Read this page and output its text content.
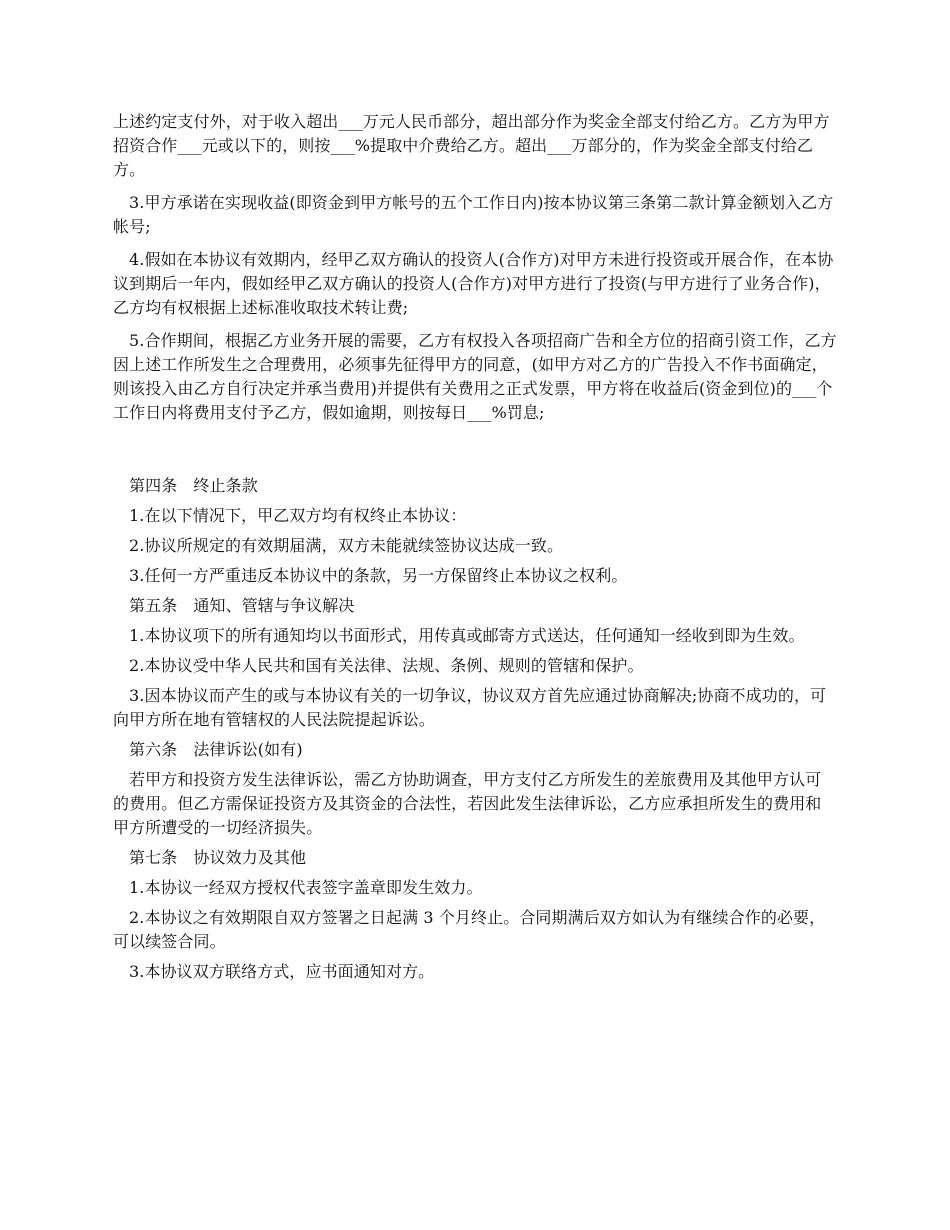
上述约定支付外，对于收入超出___万元人民币部分，超出部分作为奖金全部支付给乙方。乙方为甲方招资合作___元或以下的，则按___%提取中介费给乙方。超出___万部分的，作为奖金全部支付给乙方。

3.甲方承诺在实现收益(即资金到甲方帐号的五个工作日内)按本协议第三条第二款计算金额划入乙方帐号;

4.假如在本协议有效期内，经甲乙双方确认的投资人(合作方)对甲方未进行投资或开展合作，在本协议到期后一年内，假如经甲乙双方确认的投资人(合作方)对甲方进行了投资(与甲方进行了业务合作)，乙方均有权根据上述标准收取技术转让费;

5.合作期间，根据乙方业务开展的需要，乙方有权投入各项招商广告和全方位的招商引资工作，乙方因上述工作所发生之合理费用，必须事先征得甲方的同意，(如甲方对乙方的广告投入不作书面确定，则该投入由乙方自行决定并承当费用)并提供有关费用之正式发票，甲方将在收益后(资金到位)的___个工作日内将费用支付予乙方，假如逾期，则按每日___%罚息;

第四条　终止条款

1.在以下情况下，甲乙双方均有权终止本协议：

2.协议所规定的有效期届满，双方未能就续签协议达成一致。

3.任何一方严重违反本协议中的条款，另一方保留终止本协议之权利。

第五条　通知、管辖与争议解决

1.本协议项下的所有通知均以书面形式，用传真或邮寄方式送达，任何通知一经收到即为生效。

2.本协议受中华人民共和国有关法律、法规、条例、规则的管辖和保护。

3.因本协议而产生的或与本协议有关的一切争议，协议双方首先应通过协商解决;协商不成功的，可向甲方所在地有管辖权的人民法院提起诉讼。

第六条　法律诉讼(如有)

若甲方和投资方发生法律诉讼，需乙方协助调查，甲方支付乙方所发生的差旅费用及其他甲方认可的费用。但乙方需保证投资方及其资金的合法性，若因此发生法律诉讼，乙方应承担所发生的费用和甲方所遭受的一切经济损失。

第七条　协议效力及其他

1.本协议一经双方授权代表签字盖章即发生效力。

2.本协议之有效期限自双方签署之日起满 3 个月终止。合同期满后双方如认为有继续合作的必要，可以续签合同。

3.本协议双方联络方式，应书面通知对方。
